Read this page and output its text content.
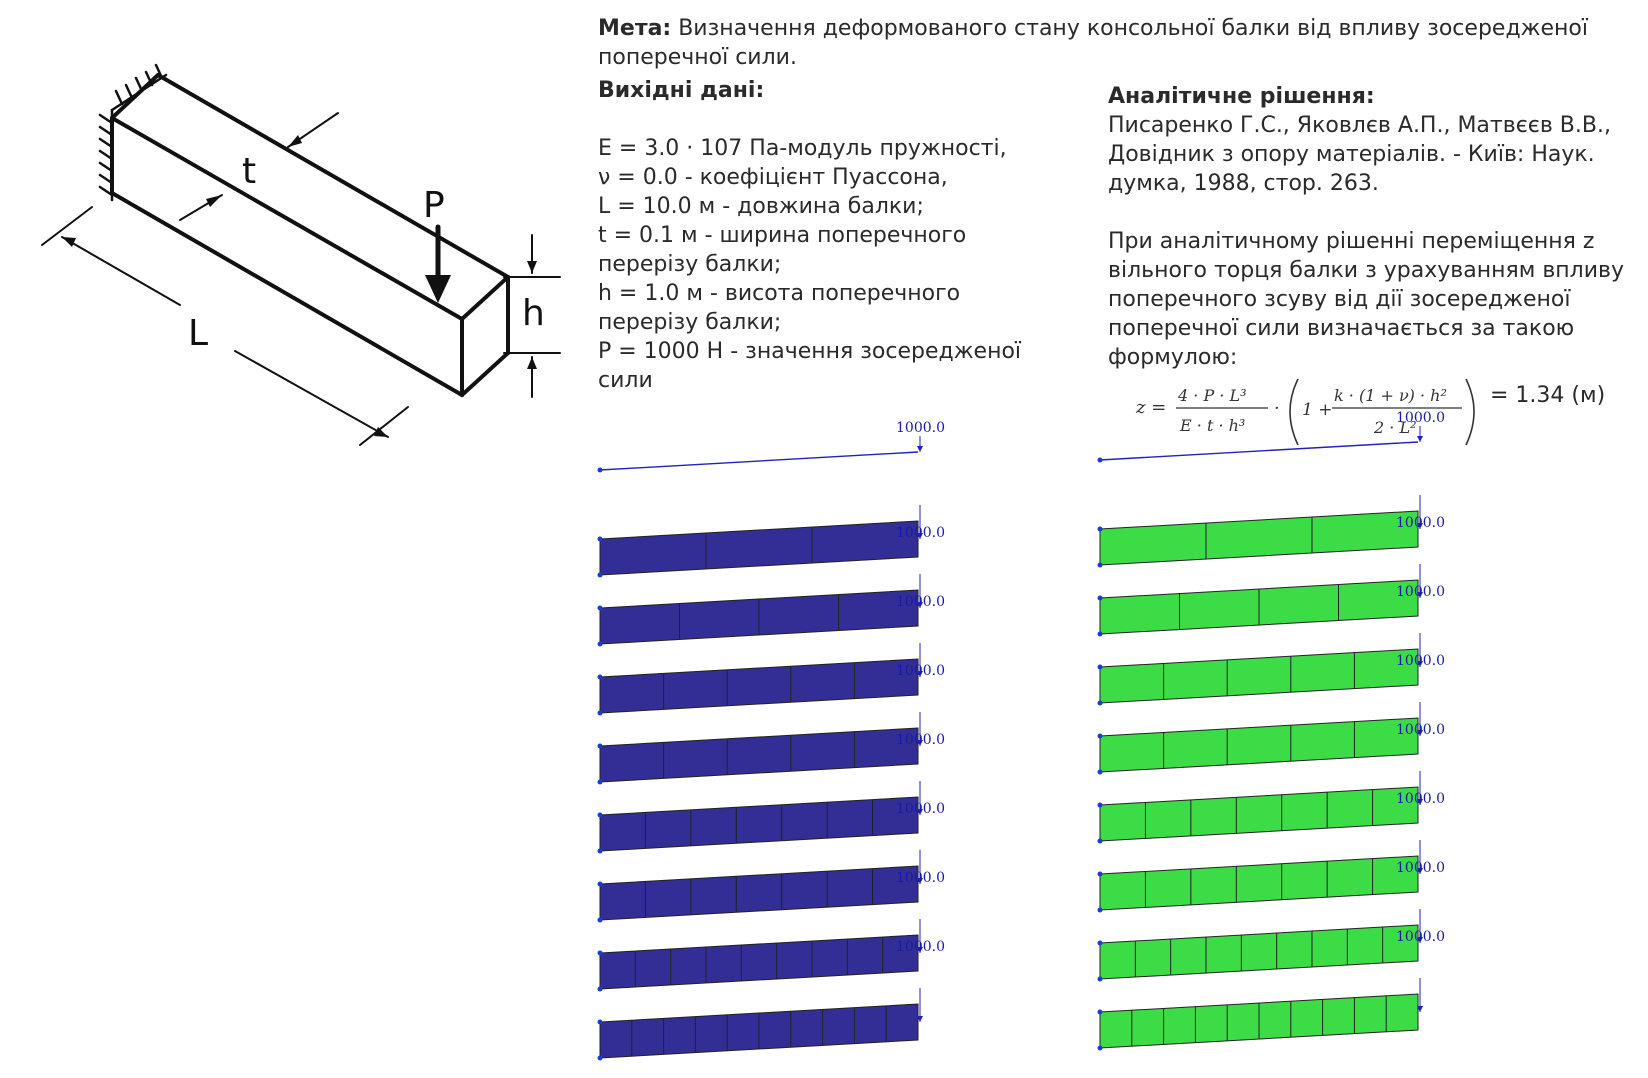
t
P
L	h
Мета: Визначення деформованого стану консольної балки від впливу зосередженої поперечної сили.

Вихідні дані:

E = 3.0 · 107 Па-модуль пружності,

ν = 0.0 - коефіцієнт Пуассона,

L = 10.0 м - довжина балки;

t = 0.1 м - ширина поперечного перерізу балки;

h = 1.0 м - висота поперечного перерізу балки;

P = 1000 Н - значення зосередженої сили

Аналітичне рішення:

Писаренко Г.С., Яковлєв А.П., Матвєєв В.В., Довідник з опору матеріалів. - Київ: Наук. думка, 1988, стор. 263.

При аналітичному рішенні переміщення z вільного торця балки з урахуванням впливу поперечного зсуву від дії зосередженої поперечної сили визначається за такою формулою:

z =
4 · P · L³
E · t · h³
· 1 +
k · (1 + ν) · h²
2 · L²
= 1.34 (м)
1000.0
1000.0
1000.0
1000.0
1000.0
1000.0
1000.0
1000.0
1000.0
1000.0
1000.0
1000.0
1000.0
1000.0
1000.0
1000.0
